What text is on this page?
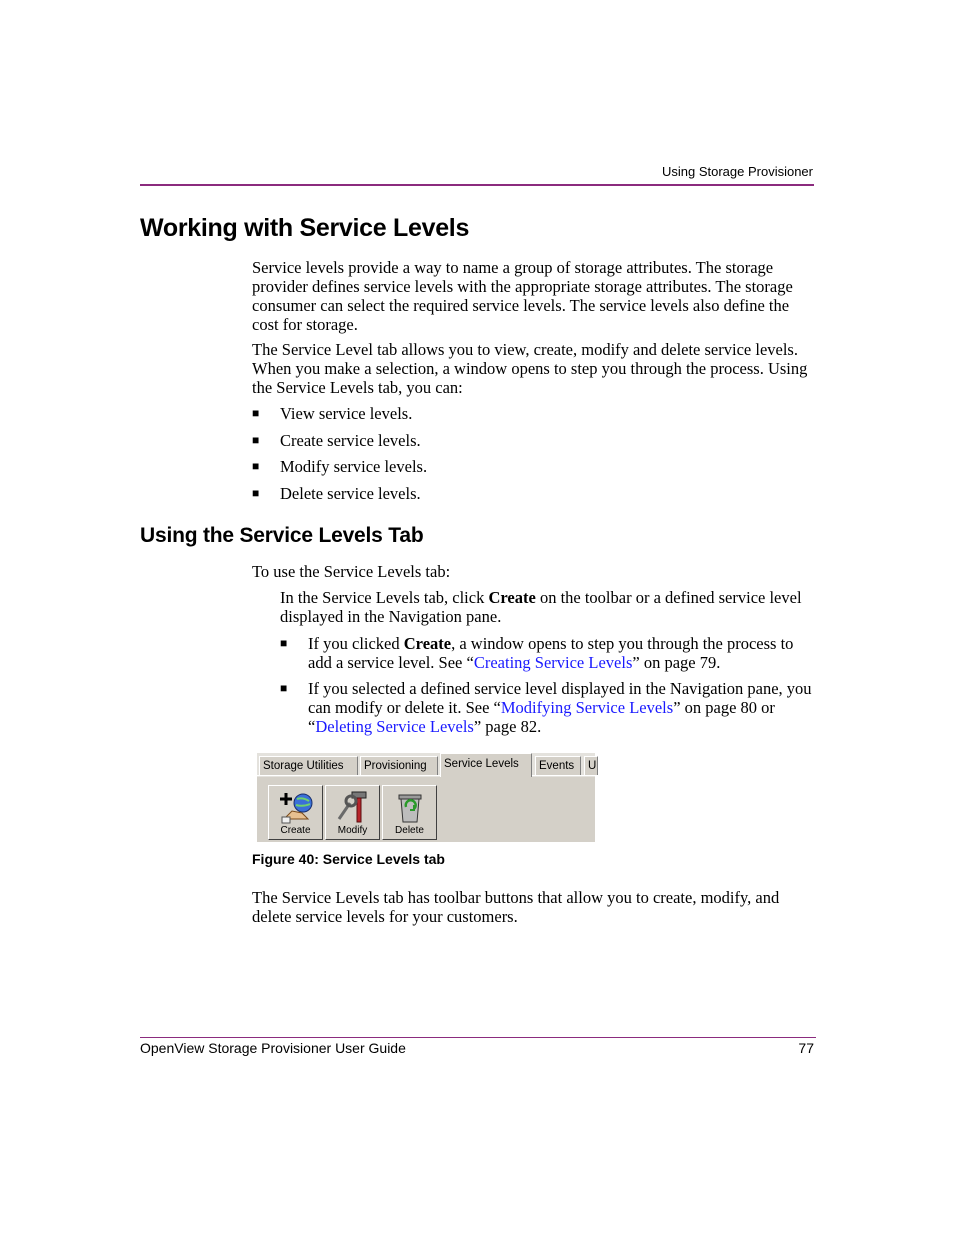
Using Storage Provisioner
Working with Service Levels

Service levels provide a way to name a group of storage attributes. The storage provider defines service levels with the appropriate storage attributes. The storage consumer can select the required service levels. The service levels also define the cost for storage.

The Service Level tab allows you to view, create, modify and delete service levels. When you make a selection, a window opens to step you through the process. Using the Service Levels tab, you can:

■ View service levels.
■ Create service levels.
■ Modify service levels.
■ Delete service levels.
Using the Service Levels Tab
To use the Service Levels tab:

In the Service Levels tab, click Create on the toolbar or a defined service level displayed in the Navigation pane.

■ If you clicked Create, a window opens to step you through the process to add a service level. See “Creating Service Levels” on page 79.
■ If you selected a defined service level displayed in the Navigation pane, you can modify or delete it. See “Modifying Service Levels” on page 80 or “Deleting Service Levels” page 82.
Storage Utilities	Provisioning	Service Levels	Events	U
Create	Modify	Delete
Figure 40: Service Levels tab

The Service Levels tab has toolbar buttons that allow you to create, modify, and delete service levels for your customers.

OpenView Storage Provisioner User Guide	77
